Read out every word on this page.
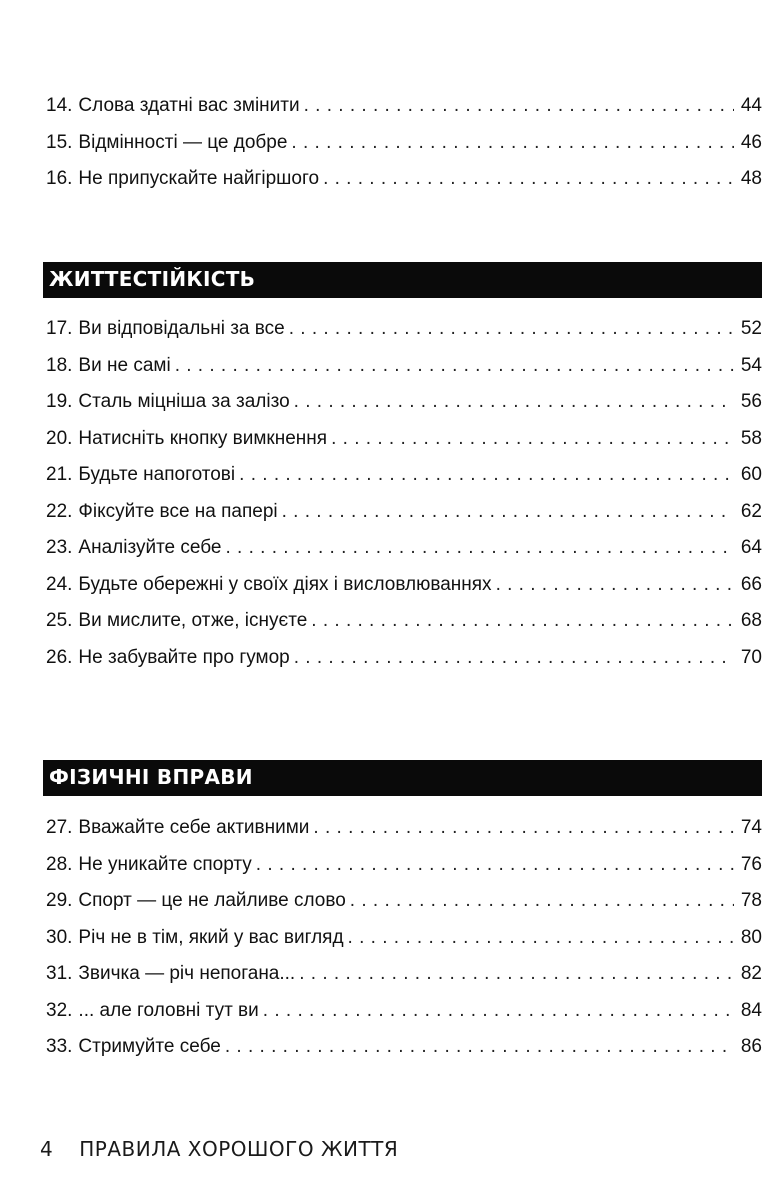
14. Слова здатні вас змінити . . .	44
15. Відмінності — це добре . . .	46
16. Не припускайте найгіршого . . .	48
ЖИТТЕСТІЙКІСТЬ
17. Ви відповідальні за все . . .	52
18. Ви не самі . . .	54
19. Сталь міцніша за залізо . . .	56
20. Натисніть кнопку вимкнення . . .	58
21. Будьте напоготові . . .	60
22. Фіксуйте все на папері . . .	62
23. Аналізуйте себе . . .	64
24. Будьте обережні у своїх діях і висловлюваннях . . .	66
25. Ви мислите, отже, існуєте . . .	68
26. Не забувайте про гумор . . .	70
ФІЗИЧНІ ВПРАВИ
27. Вважайте себе активними . . .	74
28. Не уникайте спорту . . .	76
29. Спорт — це не лайливе слово . . .	78
30. Річ не в тім, який у вас вигляд . . .	80
31. Звичка — річ непогана... . . .	82
32. ... але головні тут ви . . .	84
33. Стримуйте себе . . .	86
4 ПРАВИЛА ХОРОШОГО ЖИТТЯ
